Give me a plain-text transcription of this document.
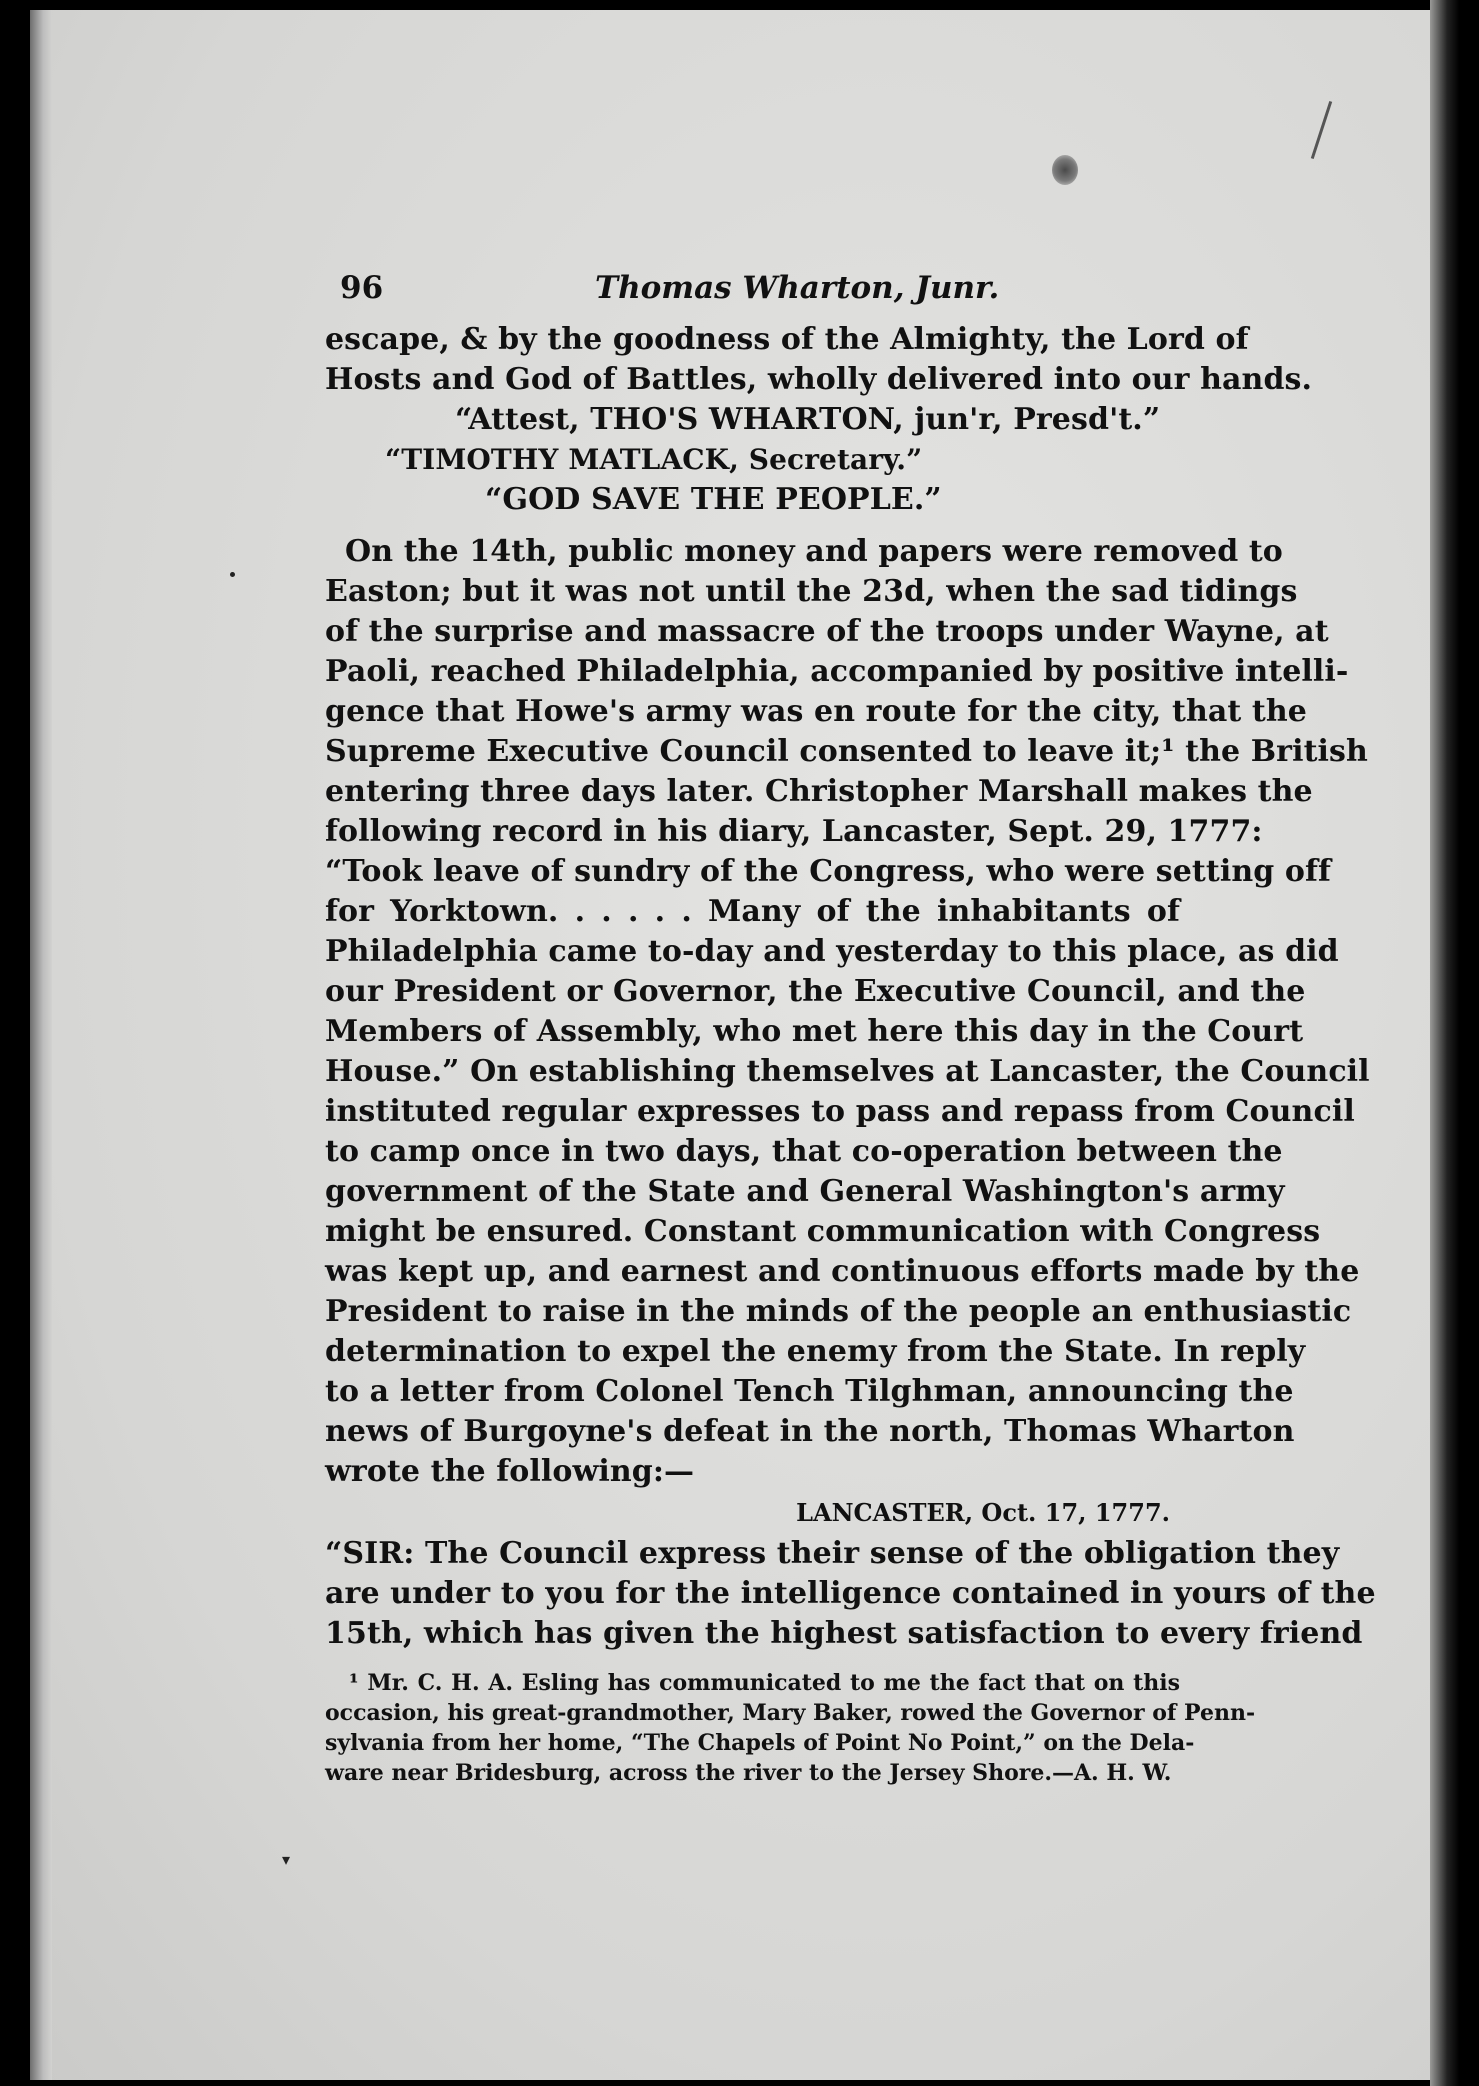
96	Thomas Wharton, Junr.
escape, & by the goodness of the Almighty, the Lord of
Hosts and God of Battles, wholly delivered into our hands.
“Attest, THO'S WHARTON, jun'r, Presd't.”
“TIMOTHY MATLACK, Secretary.”
“GOD SAVE THE PEOPLE.”
On the 14th, public money and papers were removed to
Easton; but it was not until the 23d, when the sad tidings
of the surprise and massacre of the troops under Wayne, at
Paoli, reached Philadelphia, accompanied by positive intelli-
gence that Howe's army was en route for the city, that the
Supreme Executive Council consented to leave it;¹ the British
entering three days later. Christopher Marshall makes the
following record in his diary, Lancaster, Sept. 29, 1777:
“Took leave of sundry of the Congress, who were setting off
for Yorktown. . . . . . Many of the inhabitants of
Philadelphia came to-day and yesterday to this place, as did
our President or Governor, the Executive Council, and the
Members of Assembly, who met here this day in the Court
House.” On establishing themselves at Lancaster, the Council
instituted regular expresses to pass and repass from Council
to camp once in two days, that co-operation between the
government of the State and General Washington's army
might be ensured. Constant communication with Congress
was kept up, and earnest and continuous efforts made by the
President to raise in the minds of the people an enthusiastic
determination to expel the enemy from the State. In reply
to a letter from Colonel Tench Tilghman, announcing the
news of Burgoyne's defeat in the north, Thomas Wharton
wrote the following:—
LANCASTER, Oct. 17, 1777.
“SIR: The Council express their sense of the obligation they
are under to you for the intelligence contained in yours of the
15th, which has given the highest satisfaction to every friend
¹ Mr. C. H. A. Esling has communicated to me the fact that on this
occasion, his great-grandmother, Mary Baker, rowed the Governor of Penn-
sylvania from her home, “The Chapels of Point No Point,” on the Dela-
ware near Bridesburg, across the river to the Jersey Shore.—A. H. W.
